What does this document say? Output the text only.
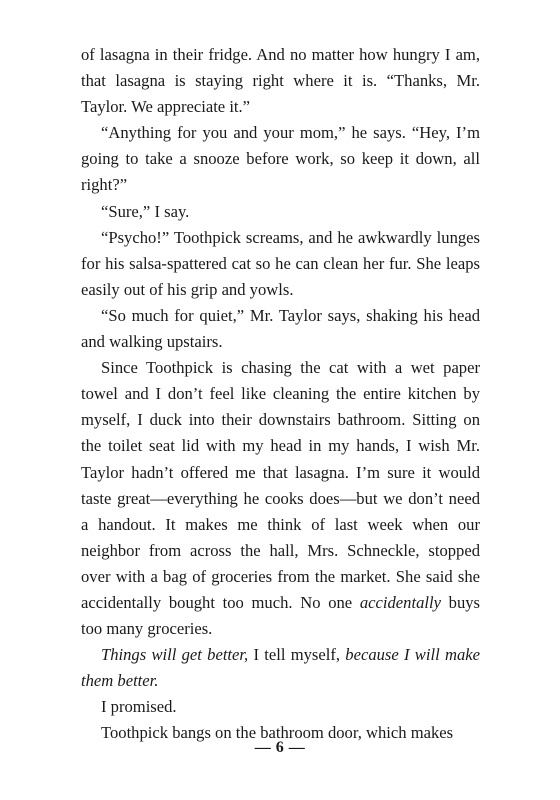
of lasagna in their fridge. And no matter how hungry I am, that lasagna is staying right where it is. “Thanks, Mr. Taylor. We appreciate it.”

“Anything for you and your mom,” he says. “Hey, I’m going to take a snooze before work, so keep it down, all right?”

“Sure,” I say.

“Psycho!” Toothpick screams, and he awkwardly lunges for his salsa-spattered cat so he can clean her fur. She leaps easily out of his grip and yowls.

“So much for quiet,” Mr. Taylor says, shaking his head and walking upstairs.

Since Toothpick is chasing the cat with a wet paper towel and I don’t feel like cleaning the entire kitchen by myself, I duck into their downstairs bathroom. Sitting on the toilet seat lid with my head in my hands, I wish Mr. Taylor hadn’t offered me that lasagna. I’m sure it would taste great—everything he cooks does—but we don’t need a handout. It makes me think of last week when our neighbor from across the hall, Mrs. Schneckle, stopped over with a bag of groceries from the market. She said she accidentally bought too much. No one accidentally buys too many groceries.

Things will get better, I tell myself, because I will make them better.

I promised.

Toothpick bangs on the bathroom door, which makes

— 6 —
